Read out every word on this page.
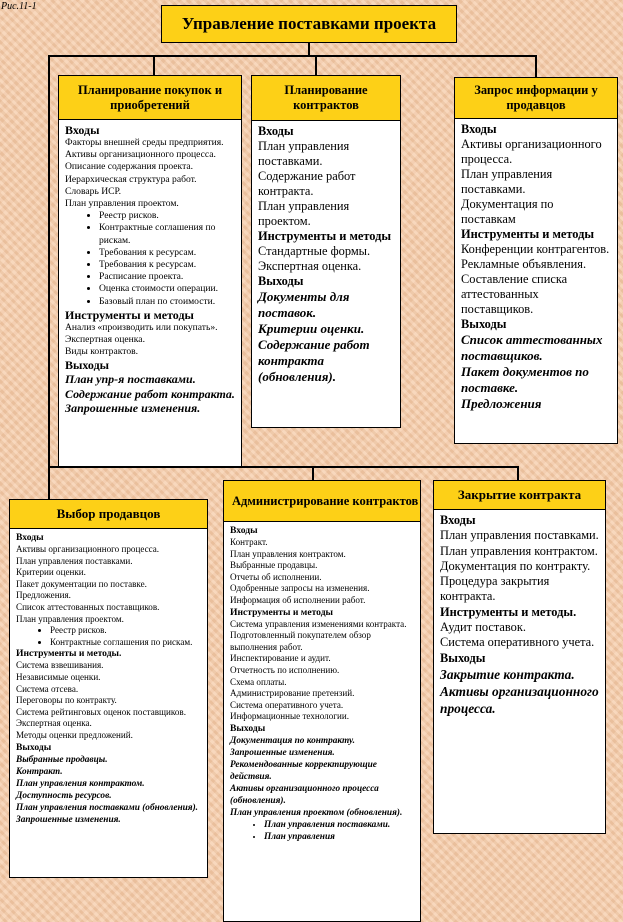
Рис.11-1
Управление поставками проекта
Планирование покупок и приобретений
Входы
Факторы внешней среды предприятия.
Активы организационного процесса.
Описание содержания проекта.
Иерархическая структура работ.
Словарь ИСР.
План управления проектом.
• Реестр рисков.
• Контрактные соглашения по рискам.
• Требования к ресурсам.
• Требования к ресурсам.
• Расписание проекта.
• Оценка стоимости операции.
• Базовый план по стоимости.
Инструменты и методы
Анализ «производить или покупать».
Экспертная оценка.
Виды контрактов.
Выходы
План упр-я поставками.
Содержание работ контракта.
Запрошенные изменения.
Планирование контрактов
Входы
План управления поставками.
Содержание работ контракта.
План управления проектом.
Инструменты и методы
Стандартные формы.
Экспертная оценка.
Выходы
Документы для поставок.
Критерии оценки.
Содержание работ контракта (обновления).
Запрос информации у продавцов
Входы
Активы организационного процесса.
План управления поставками.
Документация по поставкам
Инструменты и методы
Конференции контрагентов.
Рекламные объявления.
Составление списка аттестованных поставщиков.
Выходы
Список аттестованных поставщиков.
Пакет документов по поставке.
Предложения
Выбор продавцов
Входы
Активы организационного процесса.
План управления поставками.
Критерии оценки.
Пакет документации по поставке.
Предложения.
Список аттестованных поставщиков.
План управления проектом.
• Реестр рисков.
• Контрактные соглашения по рискам.
Инструменты и методы.
Система взвешивания.
Независимые оценки.
Система отсева.
Переговоры по контракту.
Система рейтинговых оценок поставщиков.
Экспертная оценка.
Методы оценки предложений.
Выходы
Выбранные продавцы.
Контракт.
План управления контрактом.
Доступность ресурсов.
План управления поставками (обновления).
Запрошенные изменения.
Администрирование контрактов
Входы
Контракт.
План управления контрактом.
Выбранные продавцы.
Отчеты об исполнении.
Одобренные запросы на изменения.
Информация об исполнении работ.
Инструменты и методы
Система управления изменениями контракта.
Подготовленный покупателем обзор выполнения работ.
Инспектирование и аудит.
Отчетность по исполнению.
Схема оплаты.
Администрирование претензий.
Система оперативного учета.
Информационные технологии.
Выходы
Документация по контракту.
Запрошенные изменения.
Рекомендованные корректирующие действия.
Активы организационного процесса (обновления).
План управления проектом (обновления).
• План управления поставками.
• План управления
Закрытие контракта
Входы
План управления поставками.
План управления контрактом.
Документация по контракту.
Процедура закрытия контракта.
Инструменты и методы.
Аудит поставок.
Система оперативного учета.
Выходы
Закрытие контракта.
Активы организационного процесса.
